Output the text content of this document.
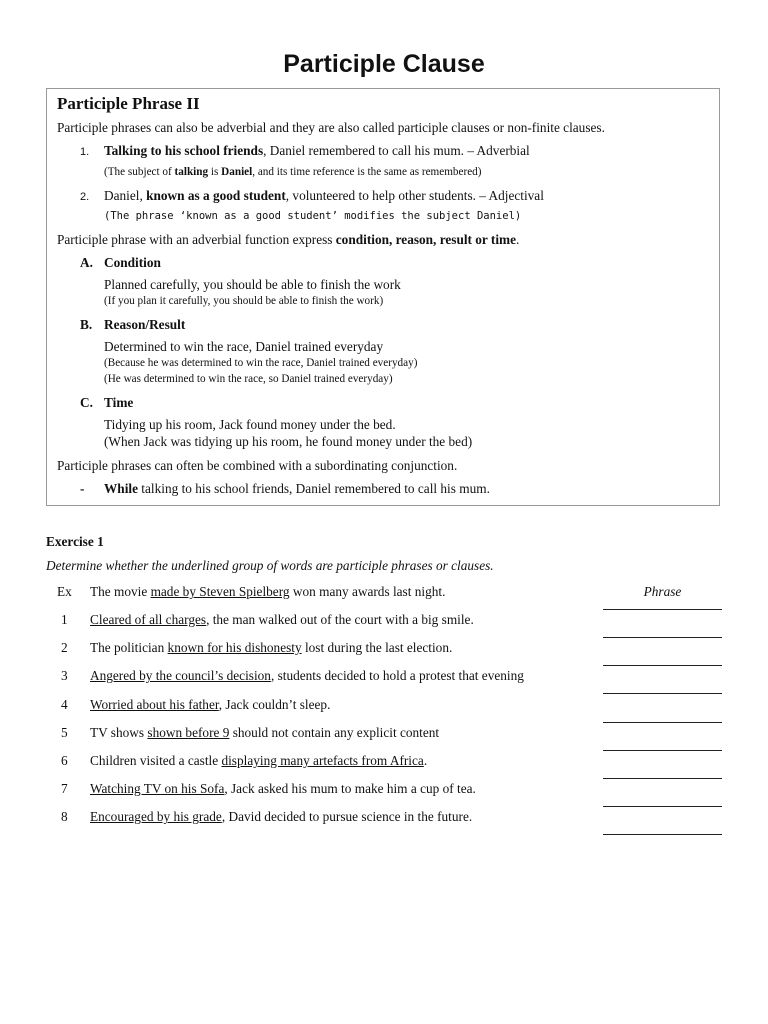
Participle Clause
Participle Phrase II
Participle phrases can also be adverbial and they are also called participle clauses or non-finite clauses.
1. Talking to his school friends, Daniel remembered to call his mum. – Adverbial
(The subject of talking is Daniel, and its time reference is the same as remembered)
2. Daniel, known as a good student, volunteered to help other students. – Adjectival
(The phrase ‘known as a good student’ modifies the subject Daniel)
Participle phrase with an adverbial function express condition, reason, result or time.
A. Condition
Planned carefully, you should be able to finish the work
(If you plan it carefully, you should be able to finish the work)
B. Reason/Result
Determined to win the race, Daniel trained everyday
(Because he was determined to win the race, Daniel trained everyday)
(He was determined to win the race, so Daniel trained everyday)
C. Time
Tidying up his room, Jack found money under the bed.
(When Jack was tidying up his room, he found money under the bed)
Participle phrases can often be combined with a subordinating conjunction.
- While talking to his school friends, Daniel remembered to call his mum.
Exercise 1
Determine whether the underlined group of words are participle phrases or clauses.
Ex The movie made by Steven Spielberg won many awards last night.	Phrase
1 Cleared of all charges, the man walked out of the court with a big smile.
2 The politician known for his dishonesty lost during the last election.
3 Angered by the council’s decision, students decided to hold a protest that evening
4 Worried about his father, Jack couldn’t sleep.
5 TV shows shown before 9 should not contain any explicit content
6 Children visited a castle displaying many artefacts from Africa.
7 Watching TV on his Sofa, Jack asked his mum to make him a cup of tea.
8 Encouraged by his grade, David decided to pursue science in the future.
